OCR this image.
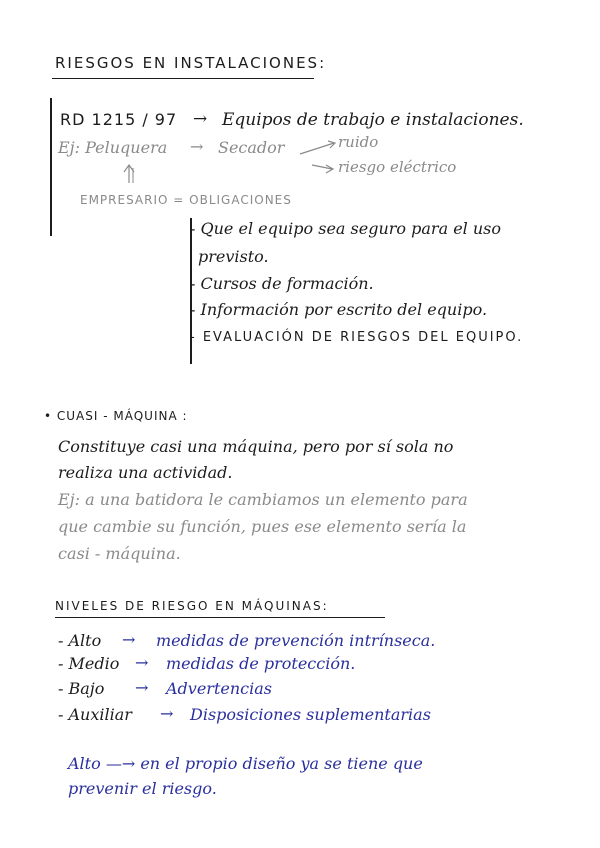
RIESGOS EN INSTALACIONES:
RD 1215 / 97 → Equipos de trabajo e instalaciones.
Ej: Peluquera → Secador	ruido
riesgo eléctrico
EMPRESARIO = OBLIGACIONES
- Que el equipo sea seguro para el uso
previsto.
- Cursos de formación.
- Información por escrito del equipo.
- EVALUACIÓN DE RIESGOS DEL EQUIPO.
• CUASI - MÁQUINA :
Constituye casi una máquina, pero por sí sola no
realiza una actividad.
Ej: a una batidora le cambiamos un elemento para
que cambie su función, pues ese elemento sería la
casi - máquina.
NIVELES DE RIESGO EN MÁQUINAS:
- Alto → medidas de prevención intrínseca.
- Medio → medidas de protección.
- Bajo → Advertencias
- Auxiliar → Disposiciones suplementarias
Alto —→ en el propio diseño ya se tiene que
prevenir el riesgo.
